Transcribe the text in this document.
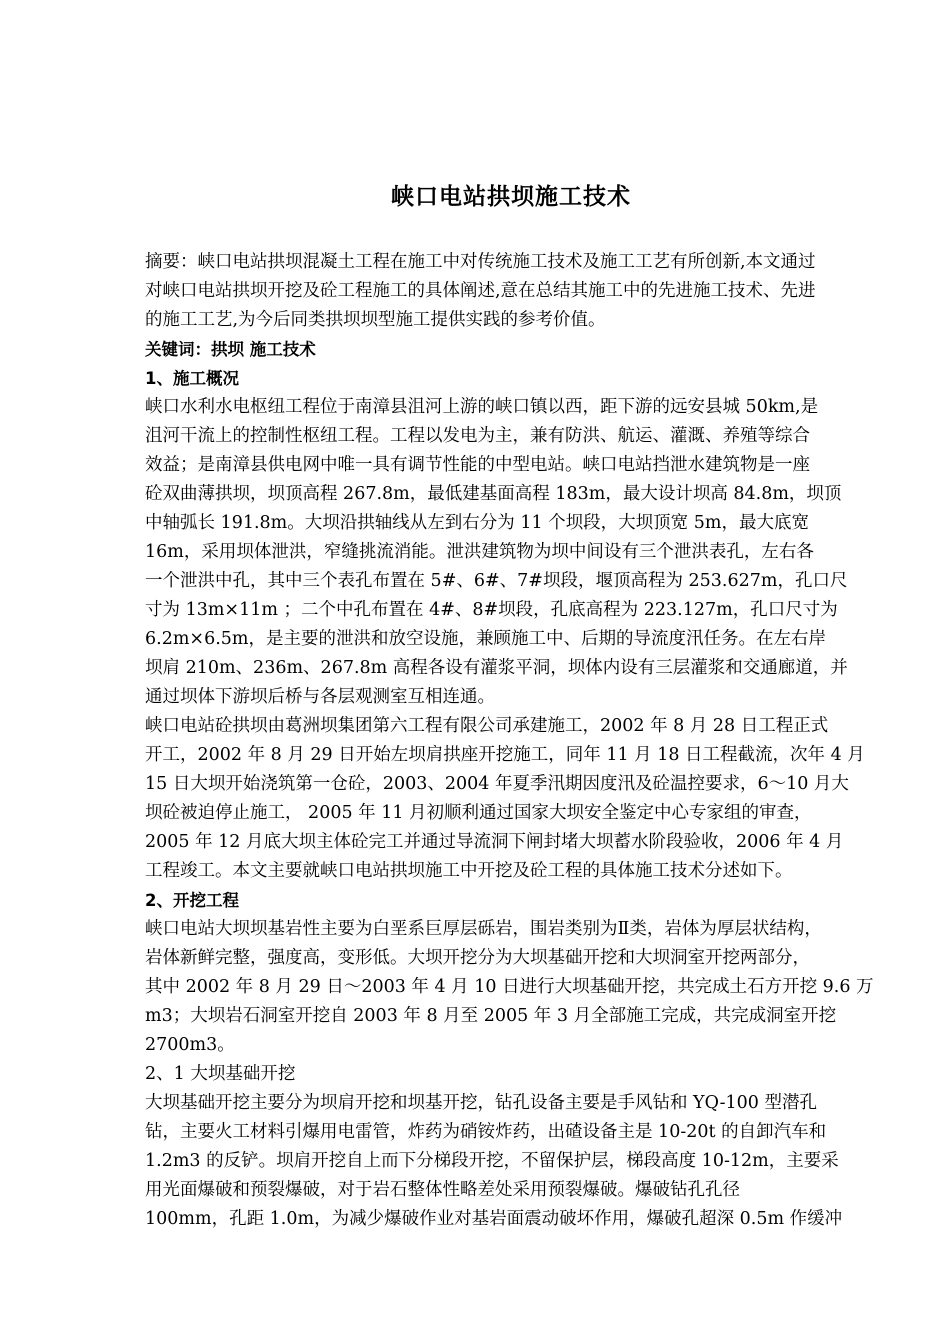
峡口电站拱坝施工技术
摘要：峡口电站拱坝混凝土工程在施工中对传统施工技术及施工工艺有所创新,本文通过
对峡口电站拱坝开挖及砼工程施工的具体阐述,意在总结其施工中的先进施工技术、先进
的施工工艺,为今后同类拱坝坝型施工提供实践的参考价值。
关键词：拱坝 施工技术
1、施工概况
峡口水利水电枢纽工程位于南漳县沮河上游的峡口镇以西，距下游的远安县城 50km,是
沮河干流上的控制性枢纽工程。工程以发电为主，兼有防洪、航运、灌溉、养殖等综合
效益；是南漳县供电网中唯一具有调节性能的中型电站。峡口电站挡泄水建筑物是一座
砼双曲薄拱坝，坝顶高程 267.8m，最低建基面高程 183m，最大设计坝高 84.8m，坝顶
中轴弧长 191.8m。大坝沿拱轴线从左到右分为 11 个坝段，大坝顶宽 5m，最大底宽
16m，采用坝体泄洪，窄缝挑流消能。泄洪建筑物为坝中间设有三个泄洪表孔，左右各
一个泄洪中孔，其中三个表孔布置在 5#、6#、7#坝段，堰顶高程为 253.627m，孔口尺
寸为 13m×11m ；二个中孔布置在 4#、8#坝段，孔底高程为 223.127m，孔口尺寸为
6.2m×6.5m，是主要的泄洪和放空设施，兼顾施工中、后期的导流度汛任务。在左右岸
坝肩 210m、236m、267.8m 高程各设有灌浆平洞，坝体内设有三层灌浆和交通廊道，并
通过坝体下游坝后桥与各层观测室互相连通。
峡口电站砼拱坝由葛洲坝集团第六工程有限公司承建施工，2002 年 8 月 28 日工程正式
开工，2002 年 8 月 29 日开始左坝肩拱座开挖施工，同年 11 月 18 日工程截流，次年 4 月
15 日大坝开始浇筑第一仓砼，2003、2004 年夏季汛期因度汛及砼温控要求，6～10 月大
坝砼被迫停止施工， 2005 年 11 月初顺利通过国家大坝安全鉴定中心专家组的审查，
2005 年 12 月底大坝主体砼完工并通过导流洞下闸封堵大坝蓄水阶段验收，2006 年 4 月
工程竣工。本文主要就峡口电站拱坝施工中开挖及砼工程的具体施工技术分述如下。
2、开挖工程
峡口电站大坝坝基岩性主要为白垩系巨厚层砾岩，围岩类别为Ⅱ类，岩体为厚层状结构，
岩体新鲜完整，强度高，变形低。大坝开挖分为大坝基础开挖和大坝洞室开挖两部分，
其中 2002 年 8 月 29 日～2003 年 4 月 10 日进行大坝基础开挖，共完成土石方开挖 9.6 万
m3；大坝岩石洞室开挖自 2003 年 8 月至 2005 年 3 月全部施工完成，共完成洞室开挖
2700m3。
2、1 大坝基础开挖
大坝基础开挖主要分为坝肩开挖和坝基开挖，钻孔设备主要是手风钻和 YQ-100 型潜孔
钻，主要火工材料引爆用电雷管，炸药为硝铵炸药，出碴设备主是 10-20t 的自卸汽车和
1.2m3 的反铲。坝肩开挖自上而下分梯段开挖，不留保护层，梯段高度 10-12m，主要采
用光面爆破和预裂爆破，对于岩石整体性略差处采用预裂爆破。爆破钻孔孔径
100mm，孔距 1.0m，为减少爆破作业对基岩面震动破坏作用，爆破孔超深 0.5m 作缓冲
